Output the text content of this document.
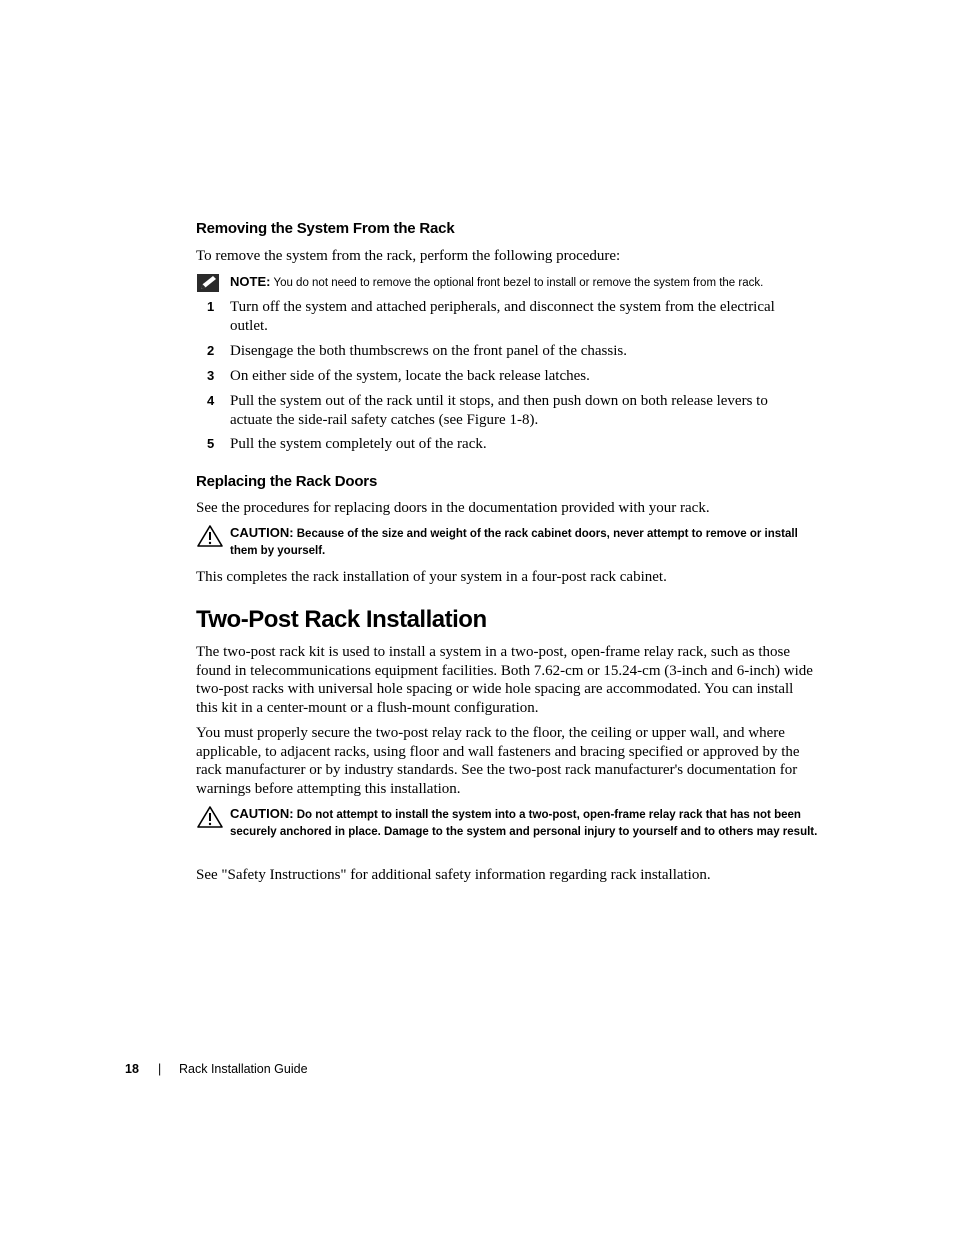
Removing the System From the Rack
To remove the system from the rack, perform the following procedure:
NOTE: You do not need to remove the optional front bezel to install or remove the system from the rack.
1 Turn off the system and attached peripherals, and disconnect the system from the electrical outlet.
2 Disengage the both thumbscrews on the front panel of the chassis.
3 On either side of the system, locate the back release latches.
4 Pull the system out of the rack until it stops, and then push down on both release levers to actuate the side-rail safety catches (see Figure 1-8).
5 Pull the system completely out of the rack.
Replacing the Rack Doors
See the procedures for replacing doors in the documentation provided with your rack.
CAUTION: Because of the size and weight of the rack cabinet doors, never attempt to remove or install them by yourself.
This completes the rack installation of your system in a four-post rack cabinet.
Two-Post Rack Installation
The two-post rack kit is used to install a system in a two-post, open-frame relay rack, such as those found in telecommunications equipment facilities. Both 7.62-cm or 15.24-cm (3-inch and 6-inch) wide two-post racks with universal hole spacing or wide hole spacing are accommodated. You can install this kit in a center-mount or a flush-mount configuration.
You must properly secure the two-post relay rack to the floor, the ceiling or upper wall, and where applicable, to adjacent racks, using floor and wall fasteners and bracing specified or approved by the rack manufacturer or by industry standards. See the two-post rack manufacturer's documentation for warnings before attempting this installation.
CAUTION: Do not attempt to install the system into a two-post, open-frame relay rack that has not been securely anchored in place. Damage to the system and personal injury to yourself and to others may result.
See "Safety Instructions" for additional safety information regarding rack installation.
18 | Rack Installation Guide
